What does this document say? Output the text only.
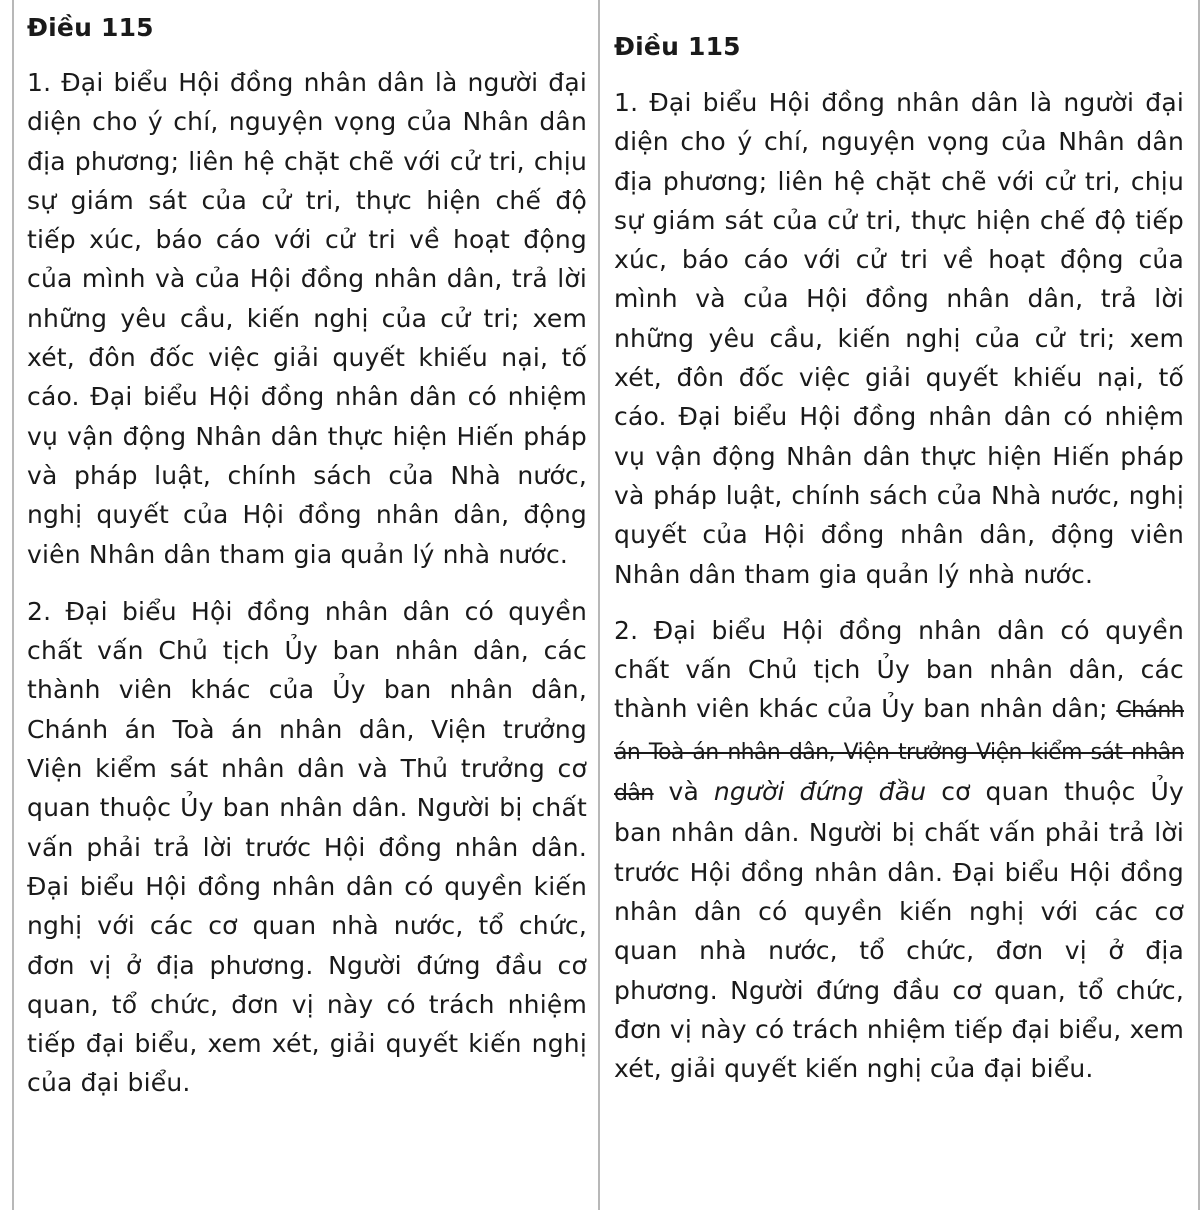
Điều 115
1. Đại biểu Hội đồng nhân dân là người đại diện cho ý chí, nguyện vọng của Nhân dân địa phương; liên hệ chặt chẽ với cử tri, chịu sự giám sát của cử tri, thực hiện chế độ tiếp xúc, báo cáo với cử tri về hoạt động của mình và của Hội đồng nhân dân, trả lời những yêu cầu, kiến nghị của cử tri; xem xét, đôn đốc việc giải quyết khiếu nại, tố cáo. Đại biểu Hội đồng nhân dân có nhiệm vụ vận động Nhân dân thực hiện Hiến pháp và pháp luật, chính sách của Nhà nước, nghị quyết của Hội đồng nhân dân, động viên Nhân dân tham gia quản lý nhà nước.
2. Đại biểu Hội đồng nhân dân có quyền chất vấn Chủ tịch Ủy ban nhân dân, các thành viên khác của Ủy ban nhân dân, Chánh án Toà án nhân dân, Viện trưởng Viện kiểm sát nhân dân và Thủ trưởng cơ quan thuộc Ủy ban nhân dân. Người bị chất vấn phải trả lời trước Hội đồng nhân dân. Đại biểu Hội đồng nhân dân có quyền kiến nghị với các cơ quan nhà nước, tổ chức, đơn vị ở địa phương. Người đứng đầu cơ quan, tổ chức, đơn vị này có trách nhiệm tiếp đại biểu, xem xét, giải quyết kiến nghị của đại biểu.
Điều 115
1. Đại biểu Hội đồng nhân dân là người đại diện cho ý chí, nguyện vọng của Nhân dân địa phương; liên hệ chặt chẽ với cử tri, chịu sự giám sát của cử tri, thực hiện chế độ tiếp xúc, báo cáo với cử tri về hoạt động của mình và của Hội đồng nhân dân, trả lời những yêu cầu, kiến nghị của cử tri; xem xét, đôn đốc việc giải quyết khiếu nại, tố cáo. Đại biểu Hội đồng nhân dân có nhiệm vụ vận động Nhân dân thực hiện Hiến pháp và pháp luật, chính sách của Nhà nước, nghị quyết của Hội đồng nhân dân, động viên Nhân dân tham gia quản lý nhà nước.
2. Đại biểu Hội đồng nhân dân có quyền chất vấn Chủ tịch Ủy ban nhân dân, các thành viên khác của Ủy ban nhân dân; Chánh án Toà án nhân dân, Viện trưởng Viện kiểm sát nhân dân và người đứng đầu cơ quan thuộc Ủy ban nhân dân. Người bị chất vấn phải trả lời trước Hội đồng nhân dân. Đại biểu Hội đồng nhân dân có quyền kiến nghị với các cơ quan nhà nước, tổ chức, đơn vị ở địa phương. Người đứng đầu cơ quan, tổ chức, đơn vị này có trách nhiệm tiếp đại biểu, xem xét, giải quyết kiến nghị của đại biểu.
